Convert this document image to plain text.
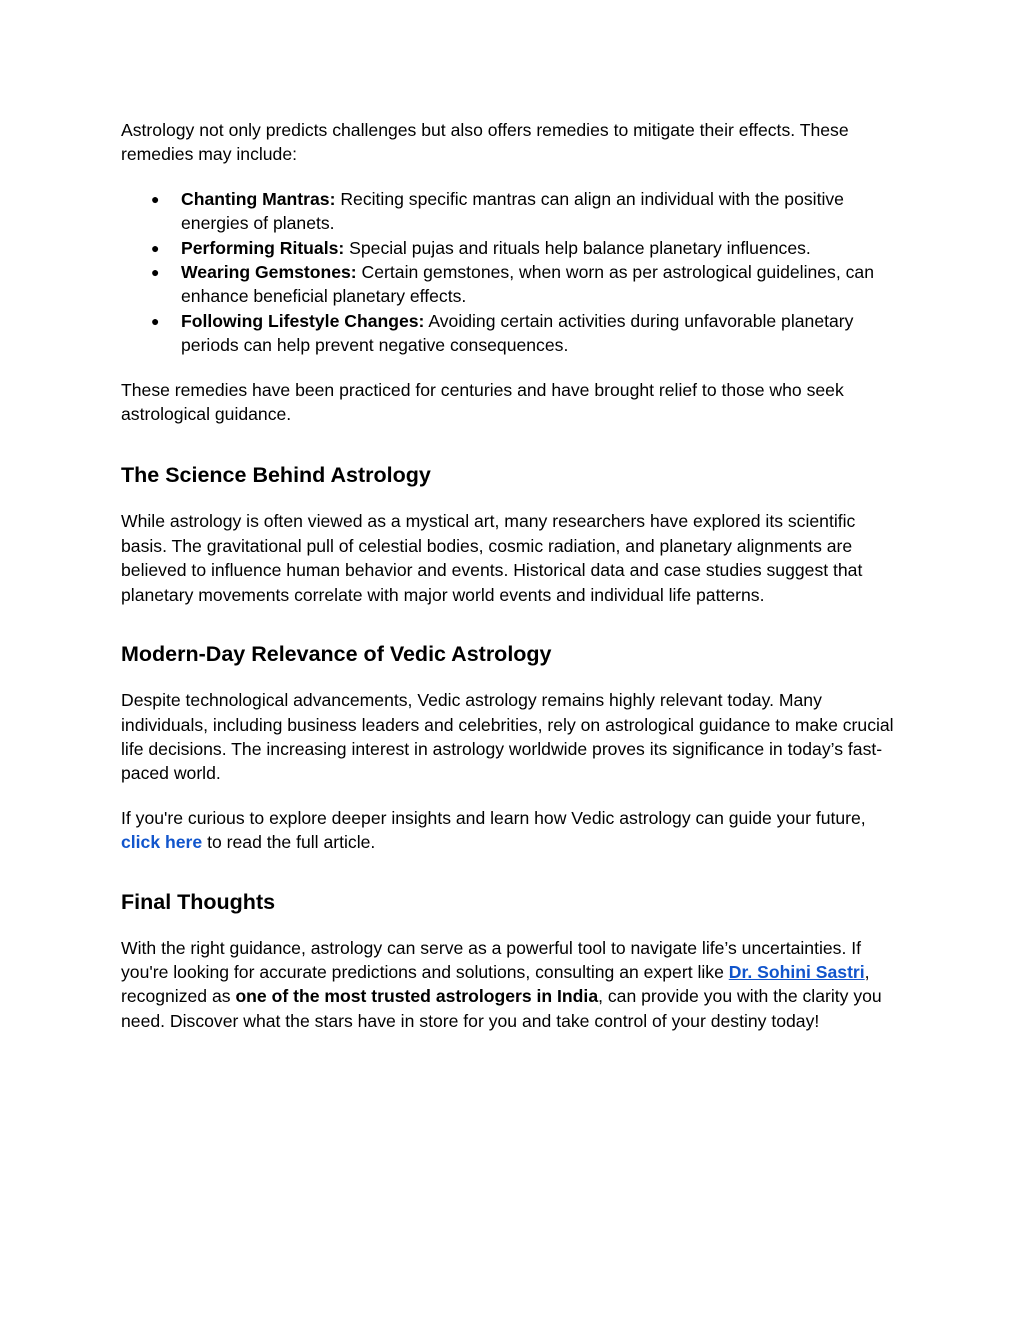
Astrology not only predicts challenges but also offers remedies to mitigate their effects. These remedies may include:

● Chanting Mantras: Reciting specific mantras can align an individual with the positive energies of planets.
● Performing Rituals: Special pujas and rituals help balance planetary influences.
● Wearing Gemstones: Certain gemstones, when worn as per astrological guidelines, can enhance beneficial planetary effects.
● Following Lifestyle Changes: Avoiding certain activities during unfavorable planetary periods can help prevent negative consequences.

These remedies have been practiced for centuries and have brought relief to those who seek astrological guidance.

The Science Behind Astrology

While astrology is often viewed as a mystical art, many researchers have explored its scientific basis. The gravitational pull of celestial bodies, cosmic radiation, and planetary alignments are believed to influence human behavior and events. Historical data and case studies suggest that planetary movements correlate with major world events and individual life patterns.

Modern-Day Relevance of Vedic Astrology

Despite technological advancements, Vedic astrology remains highly relevant today. Many individuals, including business leaders and celebrities, rely on astrological guidance to make crucial life decisions. The increasing interest in astrology worldwide proves its significance in today’s fast-paced world.

If you're curious to explore deeper insights and learn how Vedic astrology can guide your future, click here to read the full article.

Final Thoughts

With the right guidance, astrology can serve as a powerful tool to navigate life’s uncertainties. If you're looking for accurate predictions and solutions, consulting an expert like Dr. Sohini Sastri, recognized as one of the most trusted astrologers in India, can provide you with the clarity you need. Discover what the stars have in store for you and take control of your destiny today!
